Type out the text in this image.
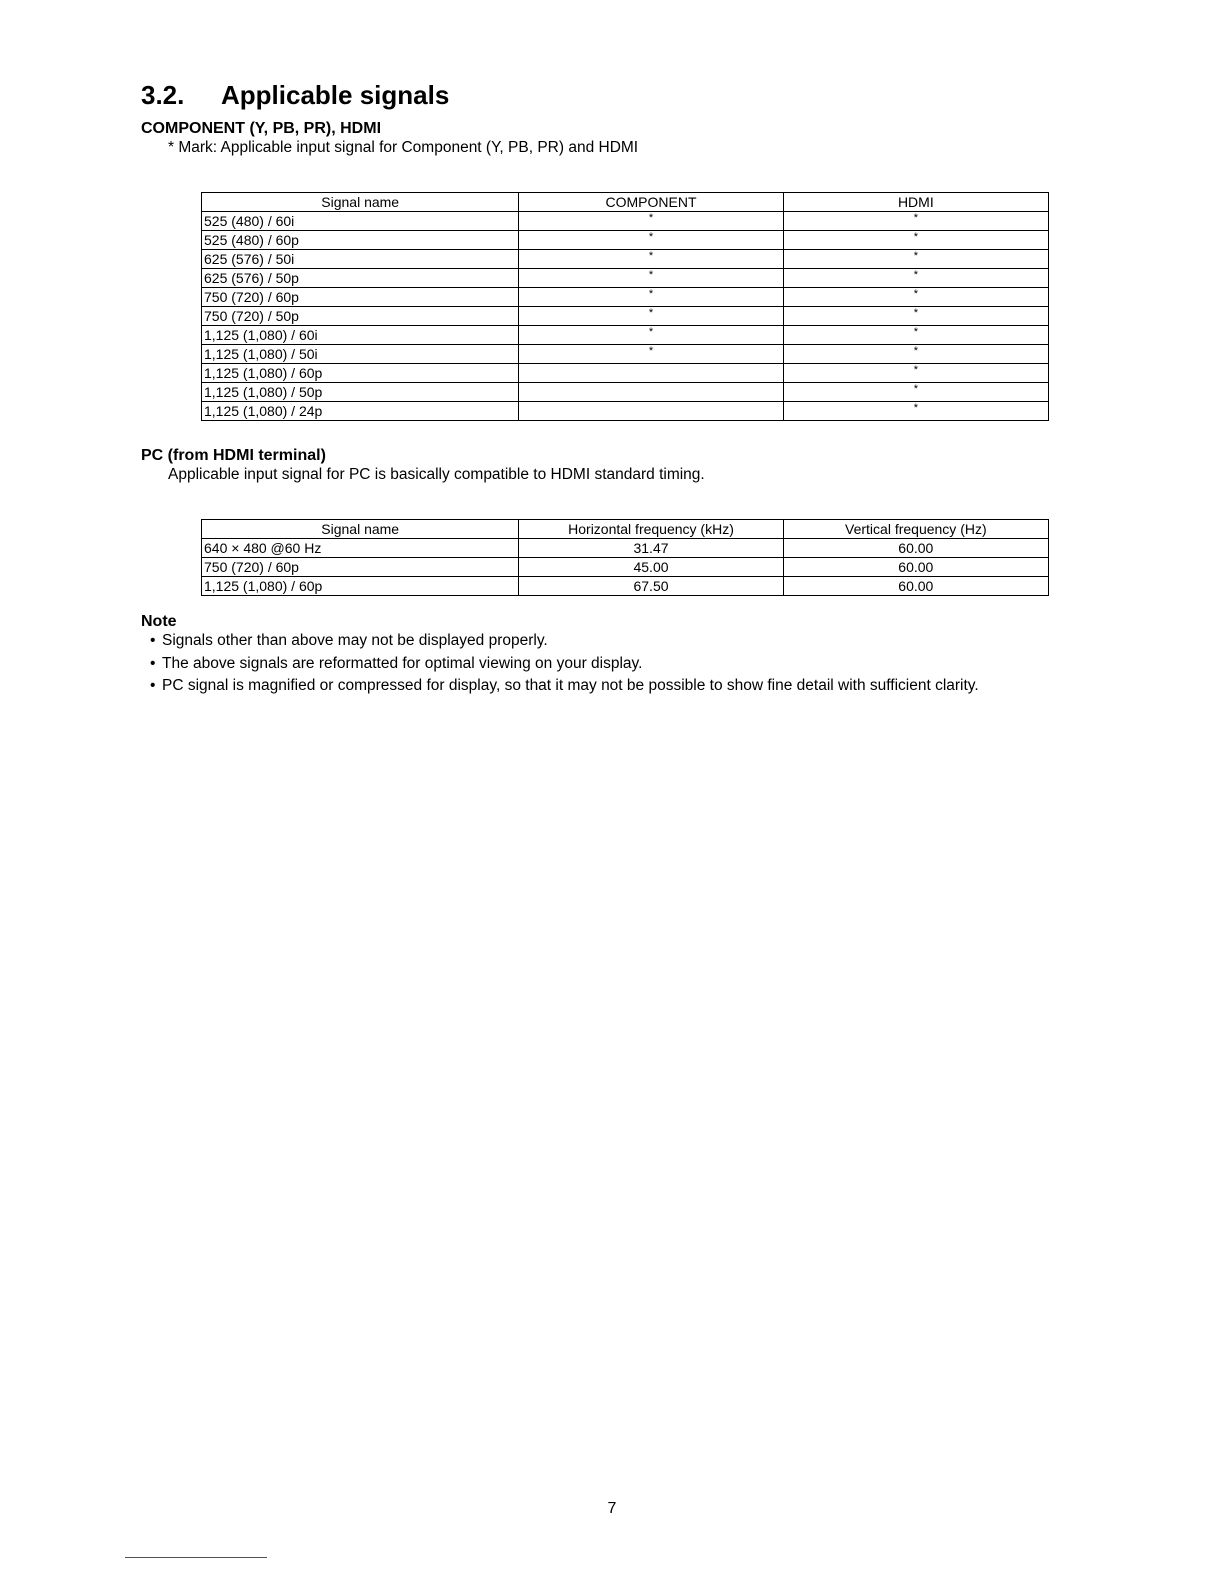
3.2. Applicable signals

COMPONENT (Y, PB, PR), HDMI

* Mark: Applicable input signal for Component (Y, PB, PR) and HDMI

Signal name	COMPONENT	HDMI
525 (480) / 60i	*	*
525 (480) / 60p	*	*
625 (576) / 50i	*	*
625 (576) / 50p	*	*
750 (720) / 60p	*	*
750 (720) / 50p	*	*
1,125 (1,080) / 60i	*	*
1,125 (1,080) / 50i	*	*
1,125 (1,080) / 60p		*
1,125 (1,080) / 50p		*
1,125 (1,080) / 24p		*

PC (from HDMI terminal)

Applicable input signal for PC is basically compatible to HDMI standard timing.

Signal name	Horizontal frequency (kHz)	Vertical frequency (Hz)
640 × 480 @60 Hz	31.47	60.00
750 (720) / 60p	45.00	60.00
1,125 (1,080) / 60p	67.50	60.00

Note

• Signals other than above may not be displayed properly.
• The above signals are reformatted for optimal viewing on your display.
• PC signal is magnified or compressed for display, so that it may not be possible to show fine detail with sufficient clarity.
7
